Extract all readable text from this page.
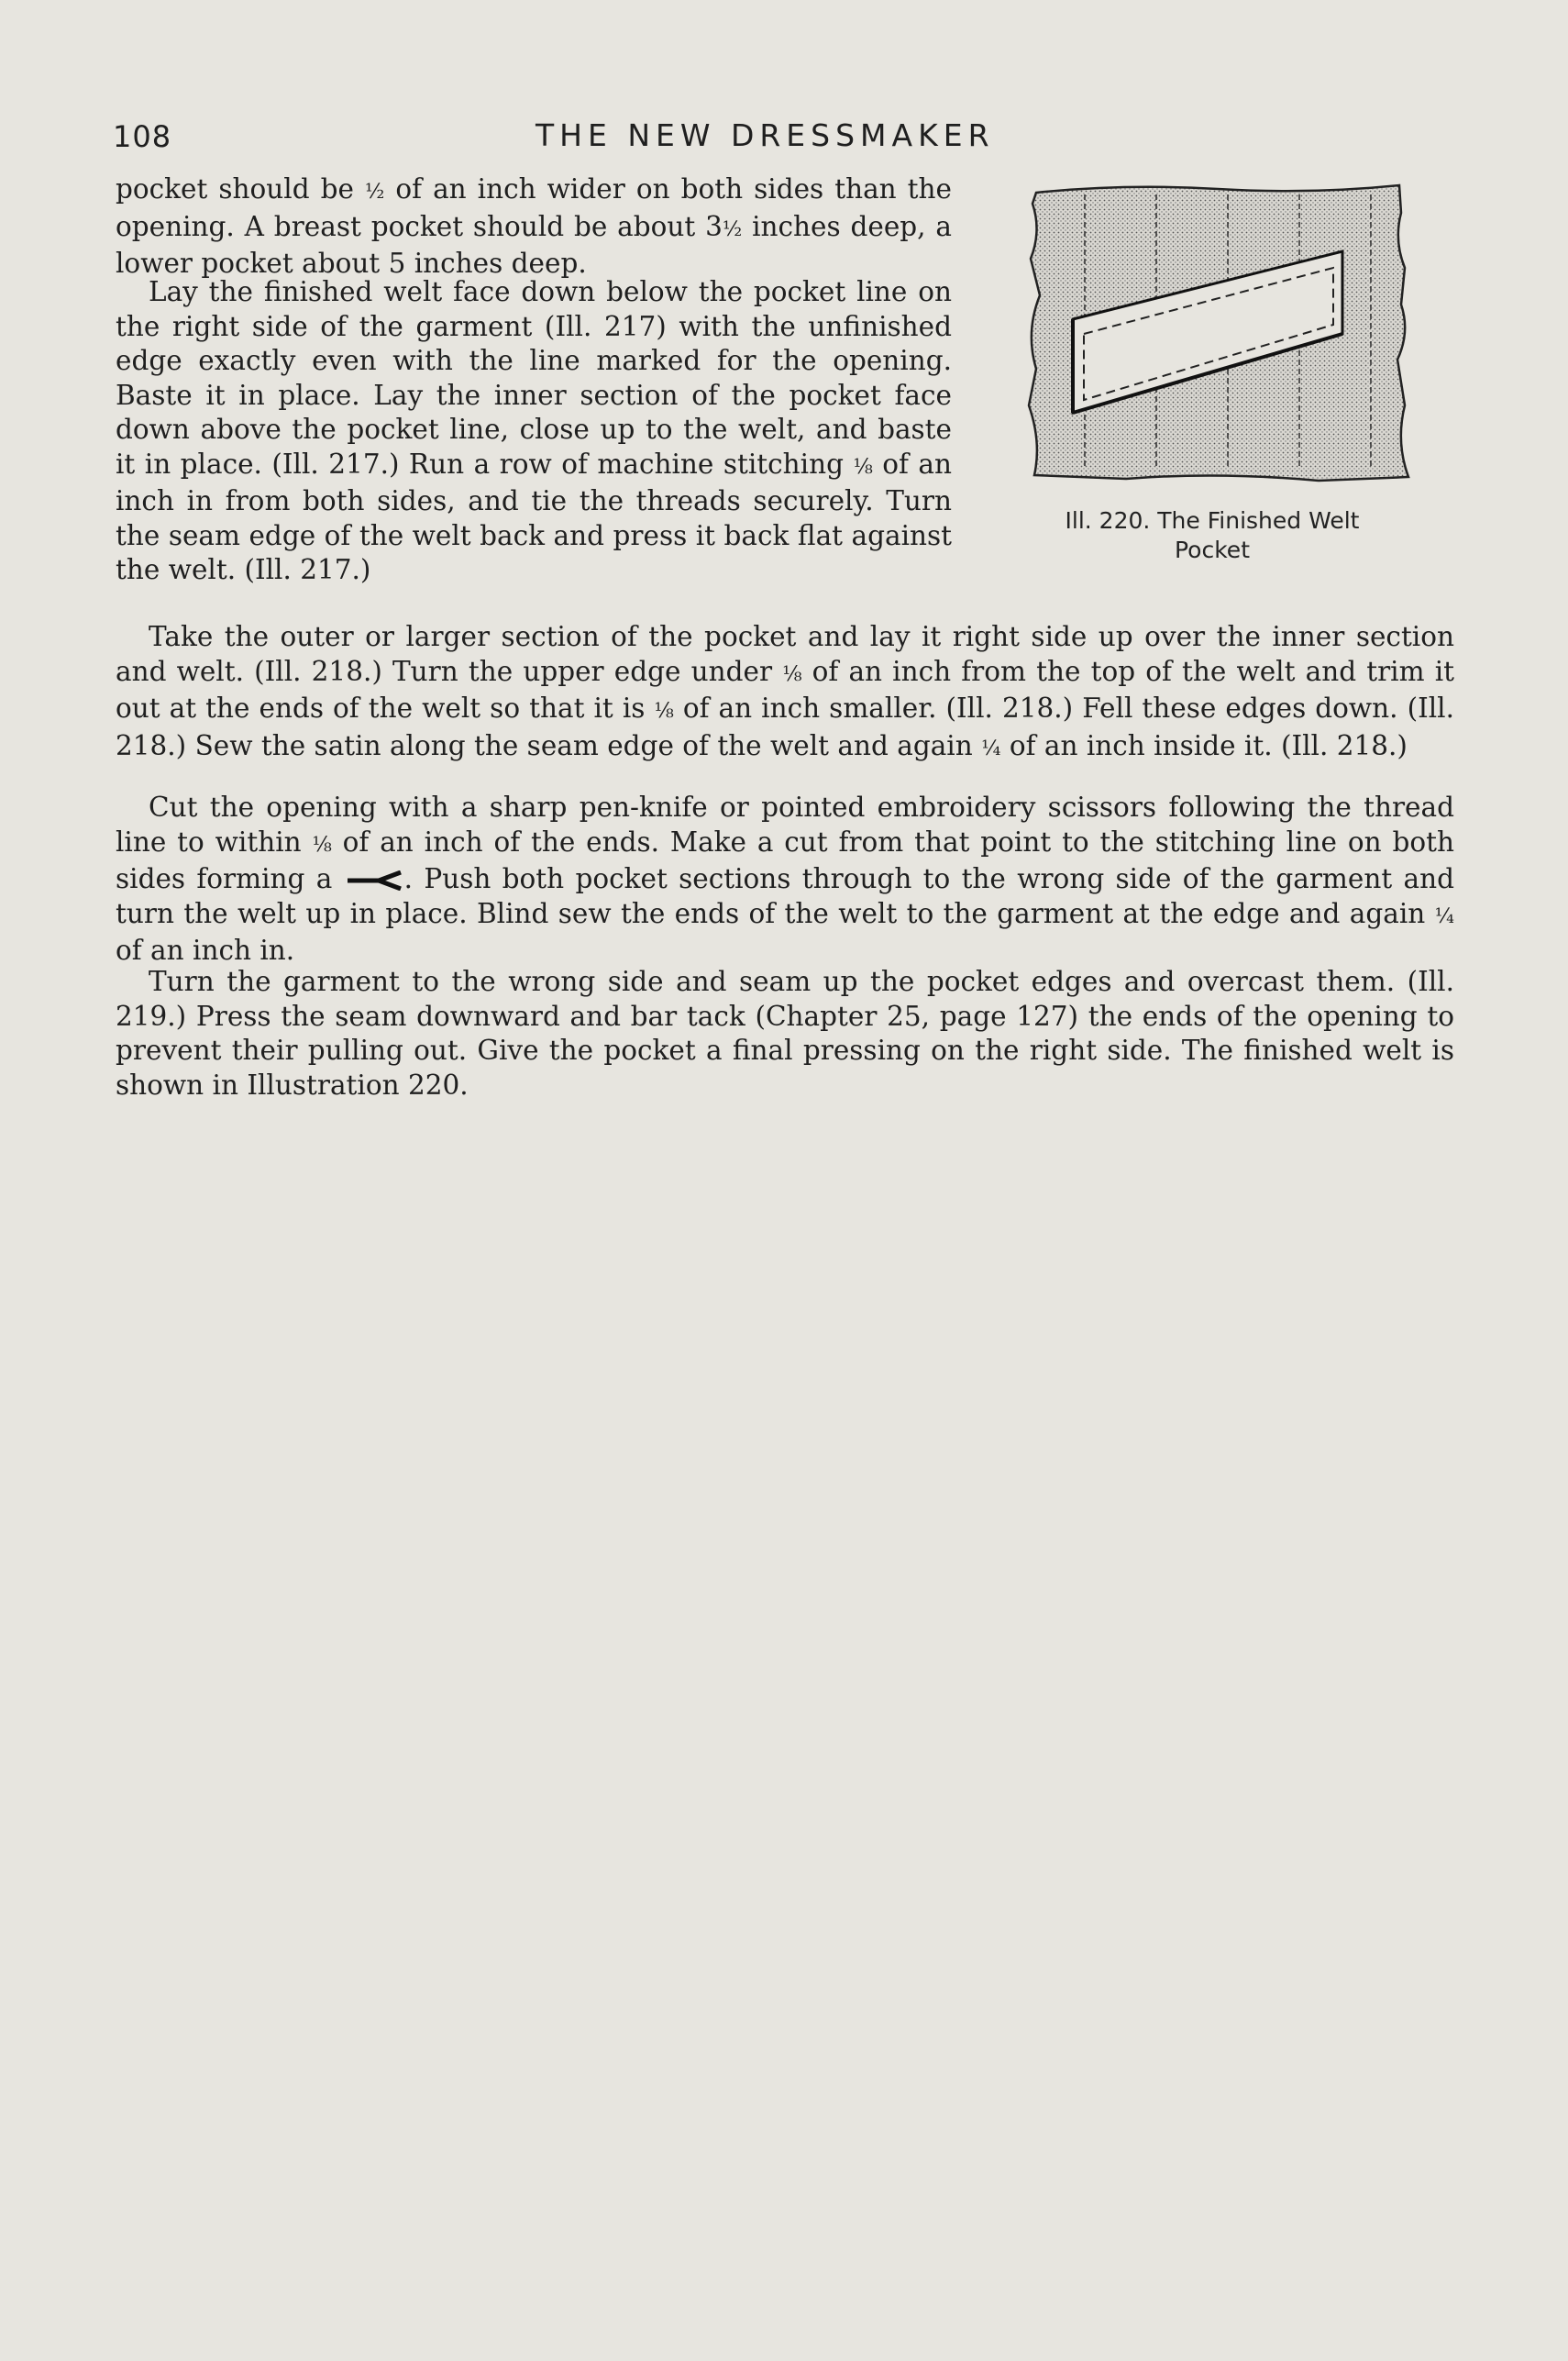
108	THE NEW DRESSMAKER
Ill. 220. The Finished Welt
Pocket

pocket should be ½ of an inch wider on both sides than the opening. A breast pocket should be about 3½ inches deep, a lower pocket about 5 inches deep.

Lay the finished welt face down below the pocket line on the right side of the garment (Ill. 217) with the unfinished edge exactly even with the line marked for the opening. Baste it in place. Lay the inner section of the pocket face down above the pocket line, close up to the welt, and baste it in place. (Ill. 217.) Run a row of machine stitching ⅛ of an inch in from both sides, and tie the threads securely. Turn the seam edge of the welt back and press it back flat against the welt. (Ill. 217.)

Take the outer or larger section of the pocket and lay it right side up over the inner section and welt. (Ill. 218.) Turn the upper edge under ⅛ of an inch from the top of the welt and trim it out at the ends of the welt so that it is ⅛ of an inch smaller. (Ill. 218.) Fell these edges down. (Ill. 218.) Sew the satin along the seam edge of the welt and again ¼ of an inch inside it. (Ill. 218.)

Cut the opening with a sharp pen-knife or pointed embroidery scissors following the thread line to within ⅛ of an inch of the ends. Make a cut from that point to the stitching line on both sides forming a . Push both pocket sections through to the wrong side of the garment and turn the welt up in place. Blind sew the ends of the welt to the garment at the edge and again ¼ of an inch in.

Turn the garment to the wrong side and seam up the pocket edges and overcast them. (Ill. 219.) Press the seam downward and bar tack (Chapter 25, page 127) the ends of the opening to prevent their pulling out. Give the pocket a final pressing on the right side. The finished welt is shown in Illustration 220.
